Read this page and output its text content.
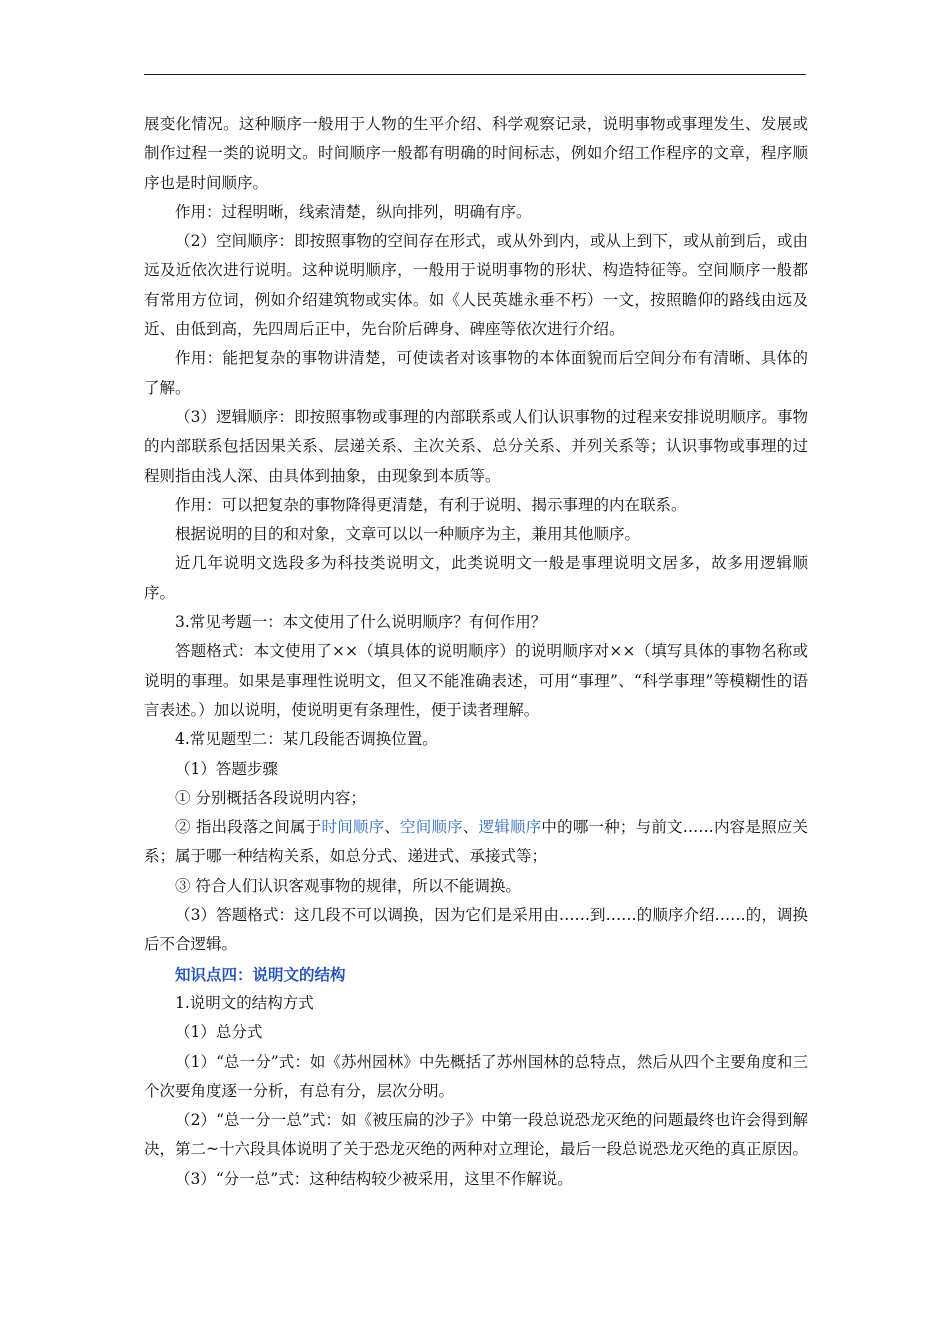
展变化情况。这种顺序一般用于人物的生平介绍、科学观察记录，说明事物或事理发生、发展或制作过程一类的说明文。时间顺序一般都有明确的时间标志，例如介绍工作程序的文章，程序顺序也是时间顺序。

作用：过程明晰，线索清楚，纵向排列，明确有序。

（2）空间顺序：即按照事物的空间存在形式，或从外到内，或从上到下，或从前到后，或由远及近依次进行说明。这种说明顺序，一般用于说明事物的形状、构造特征等。空间顺序一般都有常用方位词，例如介绍建筑物或实体。如《人民英雄永垂不朽）一文，按照瞻仰的路线由远及近、由低到高，先四周后正中，先台阶后碑身、碑座等依次进行介绍。

作用：能把复杂的事物讲清楚，可使读者对该事物的本体面貌而后空间分布有清晰、具体的了解。

（3）逻辑顺序：即按照事物或事理的内部联系或人们认识事物的过程来安排说明顺序。事物的内部联系包括因果关系、层递关系、主次关系、总分关系、并列关系等；认识事物或事理的过程则指由浅人深、由具体到抽象，由现象到本质等。

作用：可以把复杂的事物降得更清楚，有利于说明、揭示事理的内在联系。

根据说明的目的和对象，文章可以以一种顺序为主，兼用其他顺序。

近几年说明文选段多为科技类说明文，此类说明文一般是事理说明文居多，故多用逻辑顺序。

3.常见考题一：本文使用了什么说明顺序？有何作用？

答题格式：本文使用了××（填具体的说明顺序）的说明顺序对××（填写具体的事物名称或说明的事理。如果是事理性说明文，但又不能准确表述，可用“事理”、“科学事理”等模糊性的语言表述。）加以说明，使说明更有条理性，便于读者理解。

4.常见题型二：某几段能否调换位置。

（1）答题步骤

① 分别概括各段说明内容；

② 指出段落之间属于时间顺序、空间顺序、逻辑顺序中的哪一种；与前文……内容是照应关系；属于哪一种结构关系，如总分式、递进式、承接式等；

③ 符合人们认识客观事物的规律，所以不能调换。

（3）答题格式：这几段不可以调换，因为它们是采用由……到……的顺序介绍……的，调换后不合逻辑。

知识点四：说明文的结构

1.说明文的结构方式

（1）总分式

（1）“总一分”式：如《苏州园林》中先概括了苏州国林的总特点，然后从四个主要角度和三个次要角度逐一分析，有总有分，层次分明。

（2）“总一分一总”式：如《被压扁的沙子》中第一段总说恐龙灭绝的问题最终也许会得到解决，第二~十六段具体说明了关于恐龙灭绝的两种对立理论，最后一段总说恐龙灭绝的真正原因。

（3）“分一总”式：这种结构较少被采用，这里不作解说。
